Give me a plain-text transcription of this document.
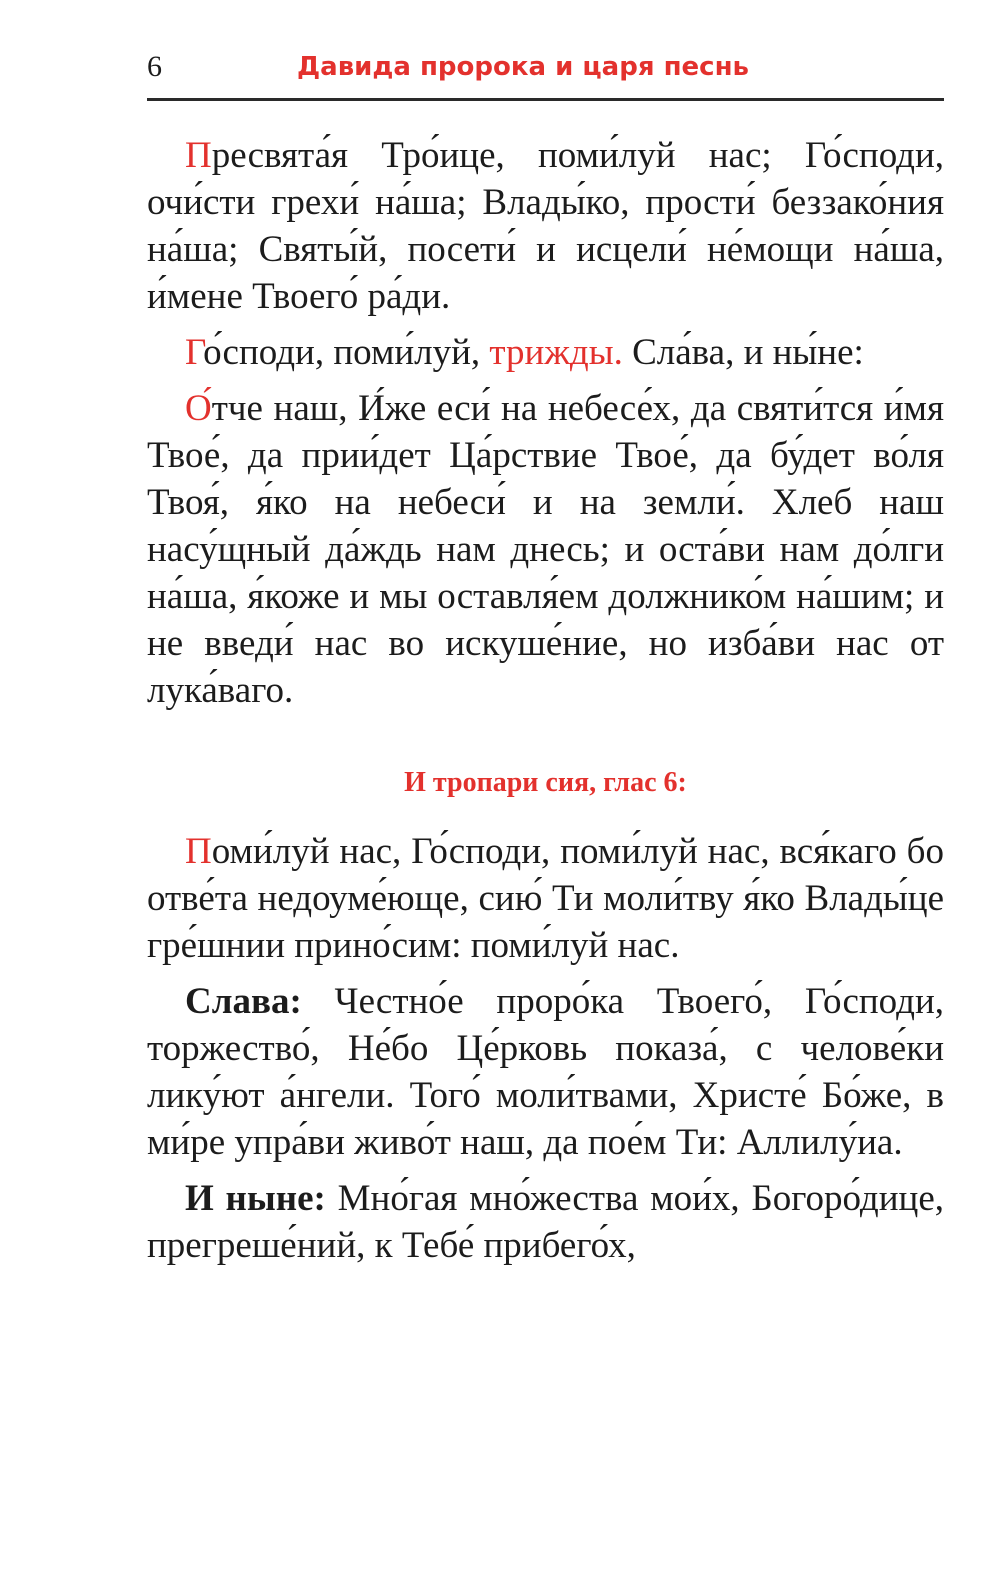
6	Давида пророка и царя песнь

Пресвята́я Тро́ице, поми́луй нас; Го́споди, очи́сти грехи́ на́ша; Влады́ко, прости́ беззако́ния на́ша; Святы́й, посети́ и исцели́ не́мощи на́ша, и́мене Твоего́ ра́ди.

Го́споди, поми́луй, трижды. Сла́ва, и ны́не:

О́тче наш, И́же еси́ на небесе́х, да святи́тся и́мя Твое́, да прии́дет Ца́рствие Твое́, да бу́дет во́ля Твоя́, я́ко на небеси́ и на земли́. Хлеб наш насу́щный да́ждь нам днесь; и оста́ви нам до́лги на́ша, я́коже и мы оставля́ем должнико́м на́шим; и не введи́ нас во искуше́ние, но изба́ви нас от лука́ваго.

И тропари сия, глас 6:

Поми́луй нас, Го́споди, поми́луй нас, вся́каго бо отве́та недоуме́юще, сию́ Ти моли́тву я́ко Влады́це гре́шнии прино́сим: поми́луй нас.

Слава: Честно́е проро́ка Твоего́, Го́споди, торжество́, Не́бо Це́рковь показа́, с челове́ки лику́ют а́нгели. Того́ моли́твами, Христе́ Бо́же, в ми́ре упра́ви живо́т наш, да пое́м Ти: Аллилу́иа.

И ныне: Мно́гая мно́жества мои́х, Богоро́дице, прегреше́ний, к Тебе́ прибего́х,
